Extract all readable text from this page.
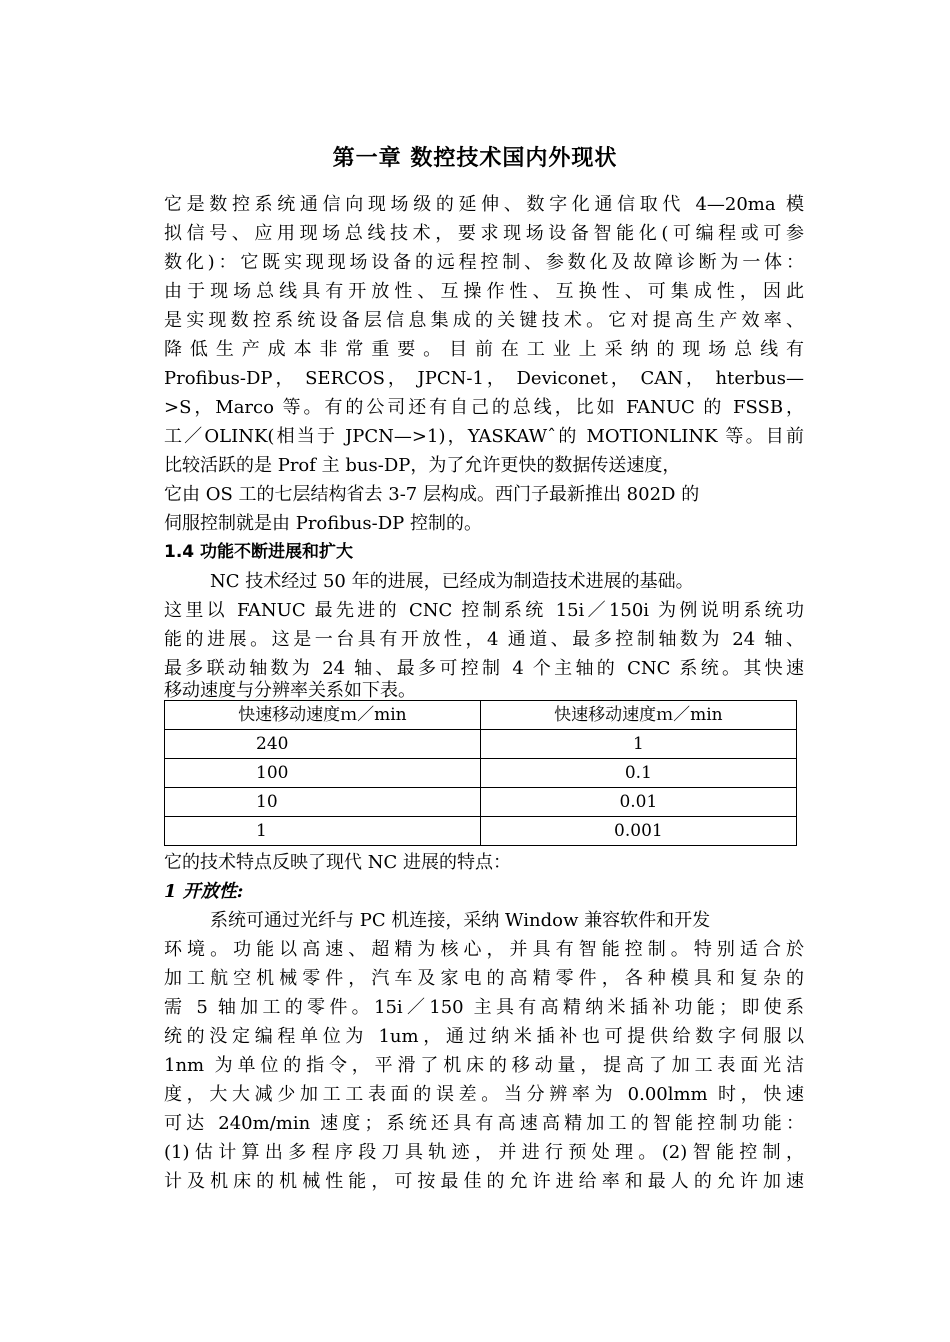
第一章 数控技术国内外现状
它是数控系统通信向现场级的延伸、数字化通信取代 4—20ma 模
拟信号、应用现场总线技术，要求现场设备智能化(可编程或可参
数化)：它既实现现场设备的远程控制、参数化及故障诊断为一体：
由于现场总线具有开放性、互操作性、互换性、可集成性，因此
是实现数控系统设备层信息集成的关键技术。它对提高生产效率、
降低生产成本非常重要。目前在工业上采纳的现场总线有
Profibus-DP， SERCOS， JPCN-1， Deviconet， CAN， hterbus—
>S，Marco 等。有的公司还有自己的总线，比如 FANUC 的 FSSB，
工／OLINK(相当于 JPCN—>1)，YASKAWˆ的 MOTIONLINK 等。目前
比较活跃的是 Prof 主 bus-DP，为了允许更快的数据传送速度，
它由 OS 工的七层结构省去 3-7 层构成。西门子最新推出 802D 的
伺服控制就是由 Profibus-DP 控制的。
1.4 功能不断进展和扩大
NC 技术经过 50 年的进展，已经成为制造技术进展的基础。
这里以 FANUC 最先进的 CNC 控制系统 15i／150i 为例说明系统功
能的进展。这是一台具有开放性，4 通道、最多控制轴数为 24 轴、
最多联动轴数为 24 轴、最多可控制 4 个主轴的 CNC 系统。其快速
移动速度与分辨率关系如下表。
快速移动速度ｍ／min	快速移动速度ｍ／min
240	1
100	0.1
10	0.01
1	0.001
它的技术特点反映了现代 NC 进展的特点：
1 开放性:
系统可通过光纤与 PC 机连接，采纳 Window 兼容软件和开发
环境。功能以高速、超精为核心，并具有智能控制。特别适合於
加工航空机械零件，汽车及家电的高精零件，各种模具和复杂的
需 5 轴加工的零件。15i／150 主具有高精纳米插补功能；即使系
统的没定编程单位为 1um，通过纳米插补也可提供给数字伺服以
1nm 为单位的指令，平滑了机床的移动量，提高了加工表面光洁
度，大大减少加工工表面的误差。当分辨率为 0.00lmm 时，快速
可达 240m/min 速度；系统还具有高速高精加工的智能控制功能：
(1)估计算出多程序段刀具轨迹，并进行预处理。(2)智能控制，
计及机床的机械性能，可按最佳的允许进给率和最人的允许加速
